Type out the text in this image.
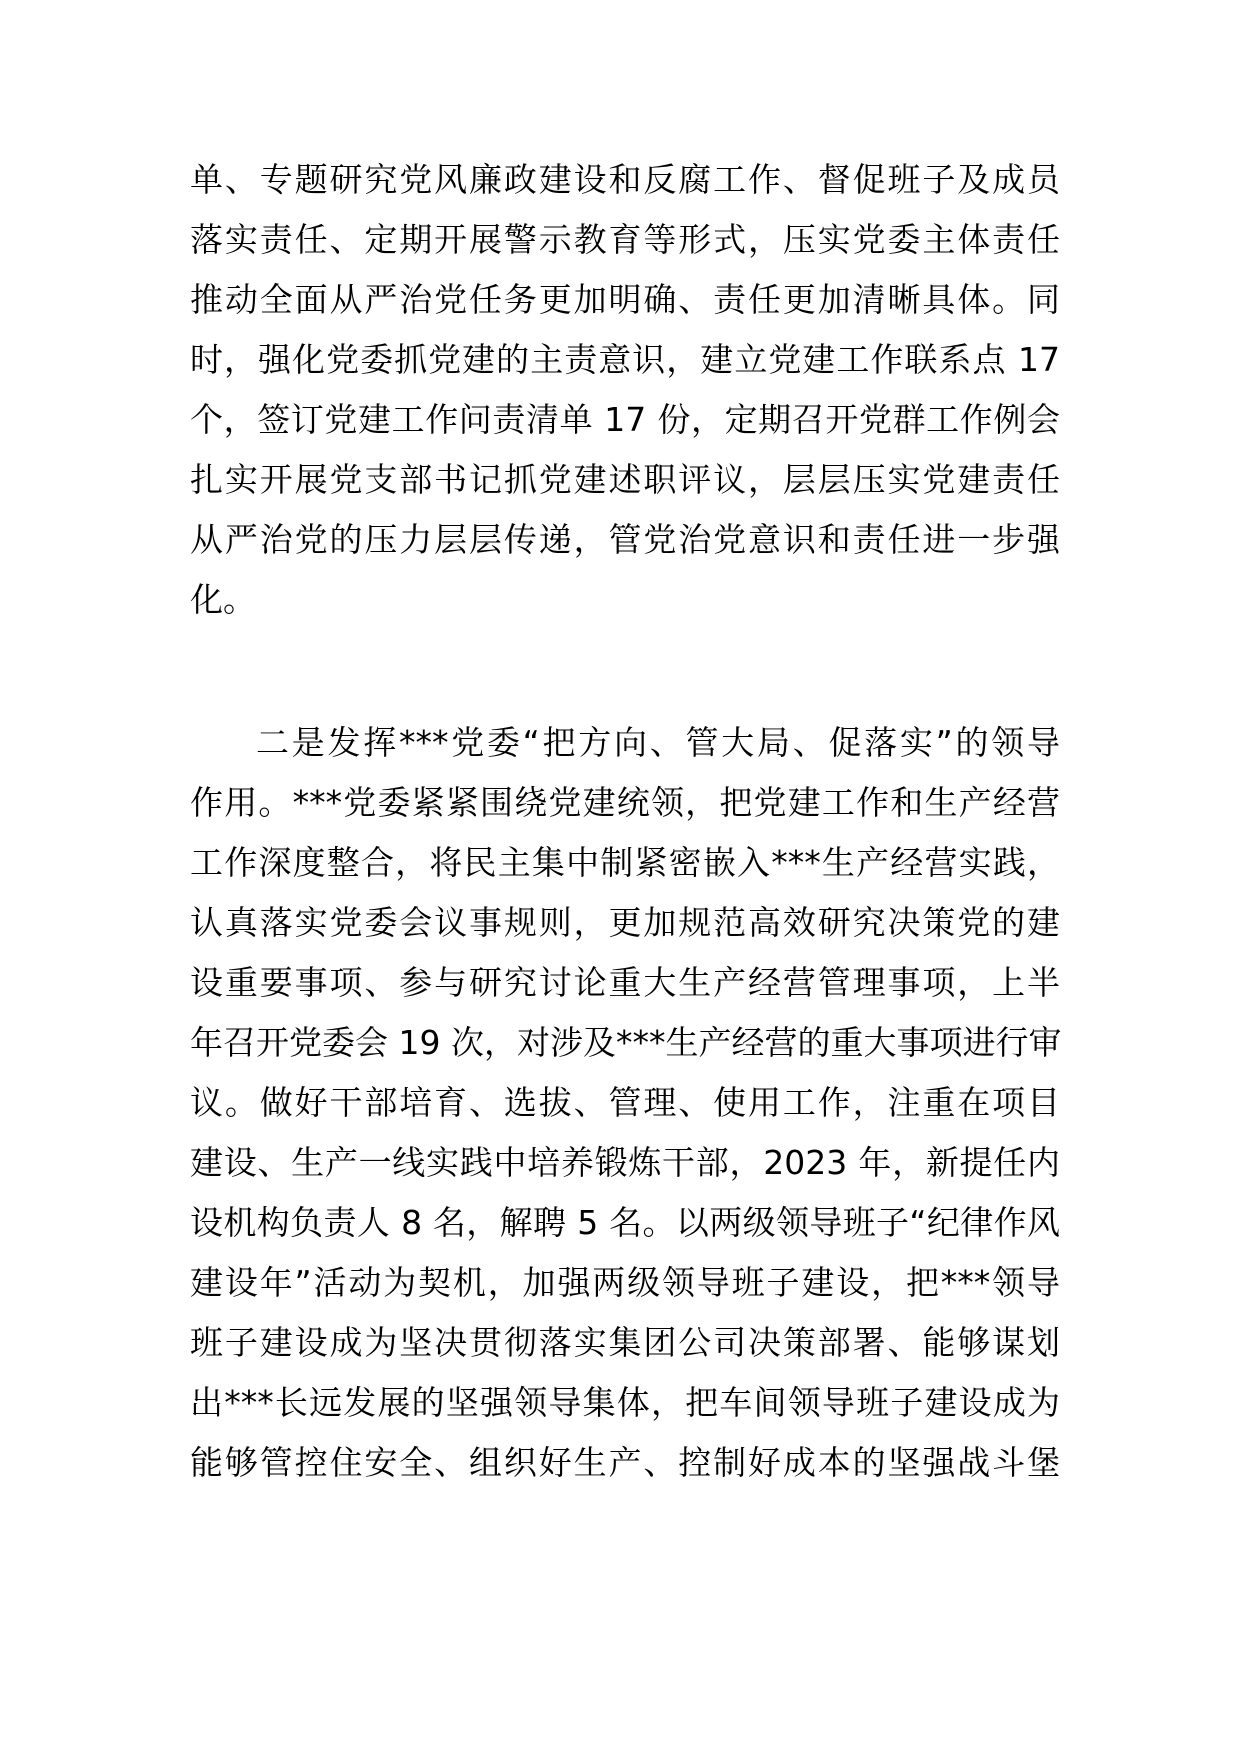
单、专题研究党风廉政建设和反腐工作、督促班子及成员
落实责任、定期开展警示教育等形式，压实党委主体责任
推动全面从严治党任务更加明确、责任更加清晰具体。同
时，强化党委抓党建的主责意识，建立党建工作联系点 17
个，签订党建工作问责清单 17 份，定期召开党群工作例会
扎实开展党支部书记抓党建述职评议，层层压实党建责任
从严治党的压力层层传递，管党治党意识和责任进一步强
化。
二是发挥***党委“把方向、管大局、促落实”的领导
作用。***党委紧紧围绕党建统领，把党建工作和生产经营
工作深度整合，将民主集中制紧密嵌入***生产经营实践，
认真落实党委会议事规则，更加规范高效研究决策党的建
设重要事项、参与研究讨论重大生产经营管理事项，上半
年召开党委会 19 次，对涉及***生产经营的重大事项进行审
议。做好干部培育、选拔、管理、使用工作，注重在项目
建设、生产一线实践中培养锻炼干部，2023 年，新提任内
设机构负责人 8 名，解聘 5 名。以两级领导班子“纪律作风
建设年”活动为契机，加强两级领导班子建设，把***领导
班子建设成为坚决贯彻落实集团公司决策部署、能够谋划
出***长远发展的坚强领导集体，把车间领导班子建设成为
能够管控住安全、组织好生产、控制好成本的坚强战斗堡
